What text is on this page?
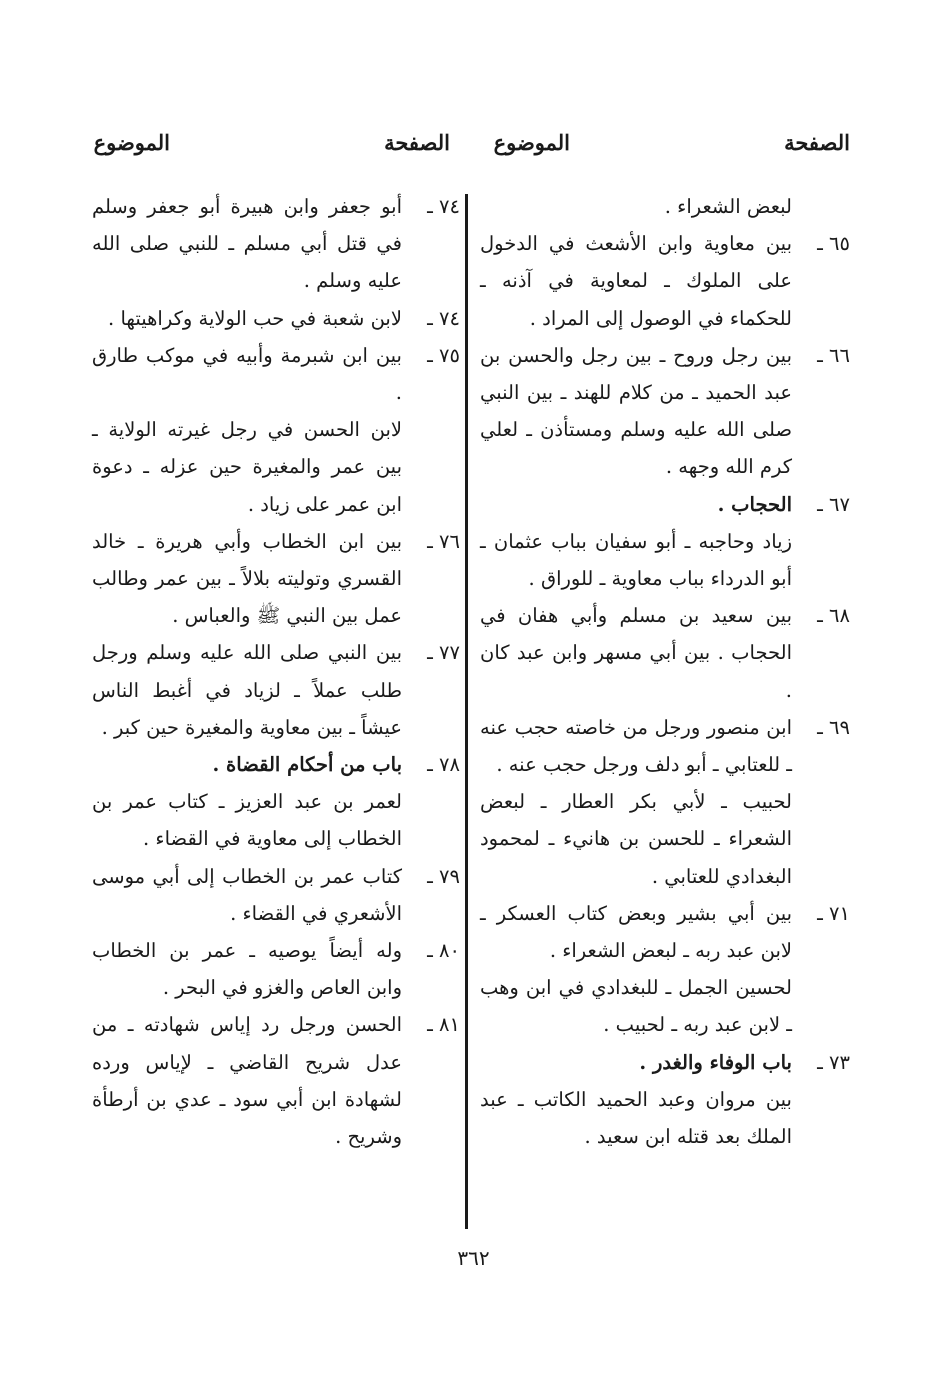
الصفحة
الموضوع
لبعض الشعراء .
٦٥ ـ
بين معاوية وابن الأشعث في الدخول على الملوك ـ لمعاوية في آذنه ـ للحكماء في الوصول إلى المراد .
٦٦ ـ
بين رجل وروح ـ بين رجل والحسن بن عبد الحميد ـ من كلام للهند ـ بين النبي صلى الله عليه وسلم ومستأذن ـ لعلي كرم الله وجهه .
٦٧ ـ
الحجاب .
زياد وحاجبه ـ أبو سفيان بباب عثمان ـ أبو الدرداء بباب معاوية ـ للوراق .
٦٨ ـ
بين سعيد بن مسلم وأبي هفان في الحجاب . بين أبي مسهر وابن عبد كان .
٦٩ ـ
ابن منصور ورجل من خاصته حجب عنه ـ للعتابي ـ أبو دلف ورجل حجب عنه .
لحبيب ـ لأبي بكر العطار ـ لبعض الشعراء ـ للحسن بن هانيء ـ لمحمود البغدادي للعتابي .
٧١ ـ
بين أبي بشير وبعض كتاب العسكر ـ لابن عبد ربه ـ لبعض الشعراء .
لحسين الجمل ـ للبغدادي في ابن وهب ـ لابن عبد ربه ـ لحبيب .
٧٣ ـ
باب الوفاء والغدر .
بين مروان وعبد الحميد الكاتب ـ عبد الملك بعد قتله ابن سعيد .
الصفحة
الموضوع
٧٤ ـ
أبو جعفر وابن هبيرة أبو جعفر وسلم في قتل أبي مسلم ـ للنبي صلى الله عليه وسلم .
٧٤ ـ
لابن شعبة في حب الولاية وكراهيتها .
٧٥ ـ
بين ابن شبرمة وأبيه في موكب طارق .
لابن الحسن في رجل غيرته الولاية ـ بين عمر والمغيرة حين عزله ـ دعوة ابن عمر على زياد .
٧٦ ـ
بين ابن الخطاب وأبي هريرة ـ خالد القسري وتوليته بلالاً ـ بين عمر وطالب عمل بين النبي ﷺ والعباس .
٧٧ ـ
بين النبي صلى الله عليه وسلم ورجل طلب عملاً ـ لزياد في أغبط الناس عيشاً ـ بين معاوية والمغيرة حين كبر .
٧٨ ـ
باب من أحكام القضاة .
لعمر بن عبد العزيز ـ كتاب عمر بن الخطاب إلى معاوية في القضاء .
٧٩ ـ
كتاب عمر بن الخطاب إلى أبي موسى الأشعري في القضاء .
٨٠ ـ
وله أيضاً يوصيه ـ عمر بن الخطاب وابن العاص والغزو في البحر .
٨١ ـ
الحسن ورجل رد إياس شهادته ـ من عدل شريح القاضي ـ لإياس ورده لشهادة ابن أبي سود ـ عدي بن أرطأة وشريح .
٣٦٢
